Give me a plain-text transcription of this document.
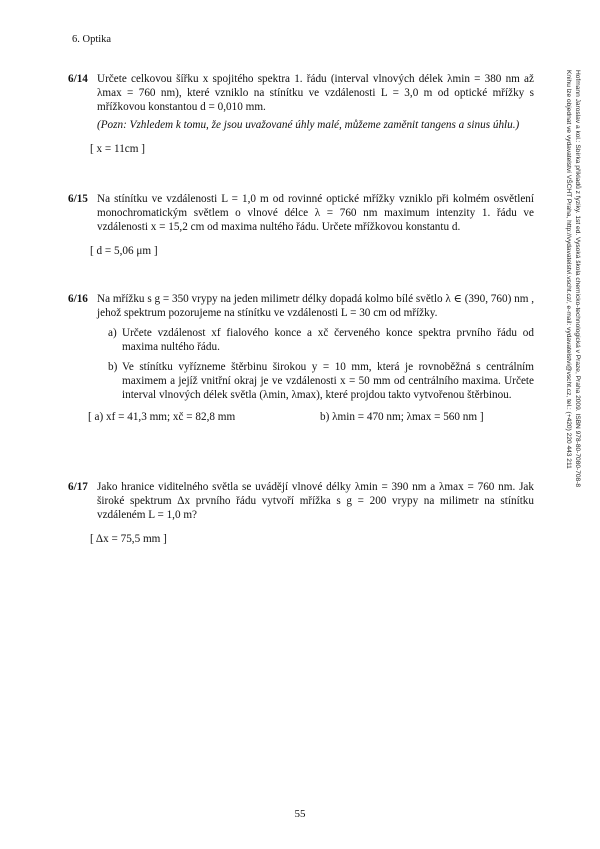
6. Optika
Hofmann Jaroslav a kol.: Sbírka příkladů z fyziky. 1st ed. Vysoká škola chemicko-technologická v Praze, Praha 2009. ISBN 978-80-7080-708-8
Knihu lze objednat ve vydavatelství VŠCHT Praha, http://vydavatelstvi.vscht.cz/, e-mail: vydavatelstvi@vscht.cz, tel.: (+420) 220 443 211
6/14 Určete celkovou šířku x spojitého spektra 1. řádu (interval vlnových délek λmin = 380 nm až λmax = 760 nm), které vzniklo na stínítku ve vzdálenosti L = 3,0 m od optické mřížky s mřížkovou konstantou d = 0,010 mm.
(Pozn: Vzhledem k tomu, že jsou uvažované úhly malé, můžeme zaměnit tangens a sinus úhlu.)
[ x = 11cm ]
6/15 Na stínítku ve vzdálenosti L = 1,0 m od rovinné optické mřížky vzniklo při kolmém osvětlení monochromatickým světlem o vlnové délce λ = 760 nm maximum intenzity 1. řádu ve vzdálenosti x = 15,2 cm od maxima nultého řádu. Určete mřížkovou konstantu d.
[ d = 5,06 μm ]
6/16 Na mřížku s g = 350 vrypy na jeden milimetr délky dopadá kolmo bílé světlo λ ∈ (390, 760) nm , jehož spektrum pozorujeme na stínítku ve vzdálenosti L = 30 cm od mřížky.
a) Určete vzdálenost xf fialového konce a xč červeného konce spektra prvního řádu od maxima nultého řádu.
b) Ve stínítku vyřízneme štěrbinu širokou y = 10 mm, která je rovnoběžná s centrálním maximem a jejíž vnitřní okraj je ve vzdálenosti x = 50 mm od centrálního maxima. Určete interval vlnových délek světla (λmin, λmax), které projdou takto vytvořenou štěrbinou.
[ a) xf = 41,3 mm; xč = 82,8 mm	b) λmin = 470 nm; λmax = 560 nm ]
6/17 Jako hranice viditelného světla se uvádějí vlnové délky λmin = 390 nm a λmax = 760 nm. Jak široké spektrum Δx prvního řádu vytvoří mřížka s g = 200 vrypy na milimetr na stínítku vzdáleném L = 1,0 m?
[ Δx = 75,5 mm ]
55
